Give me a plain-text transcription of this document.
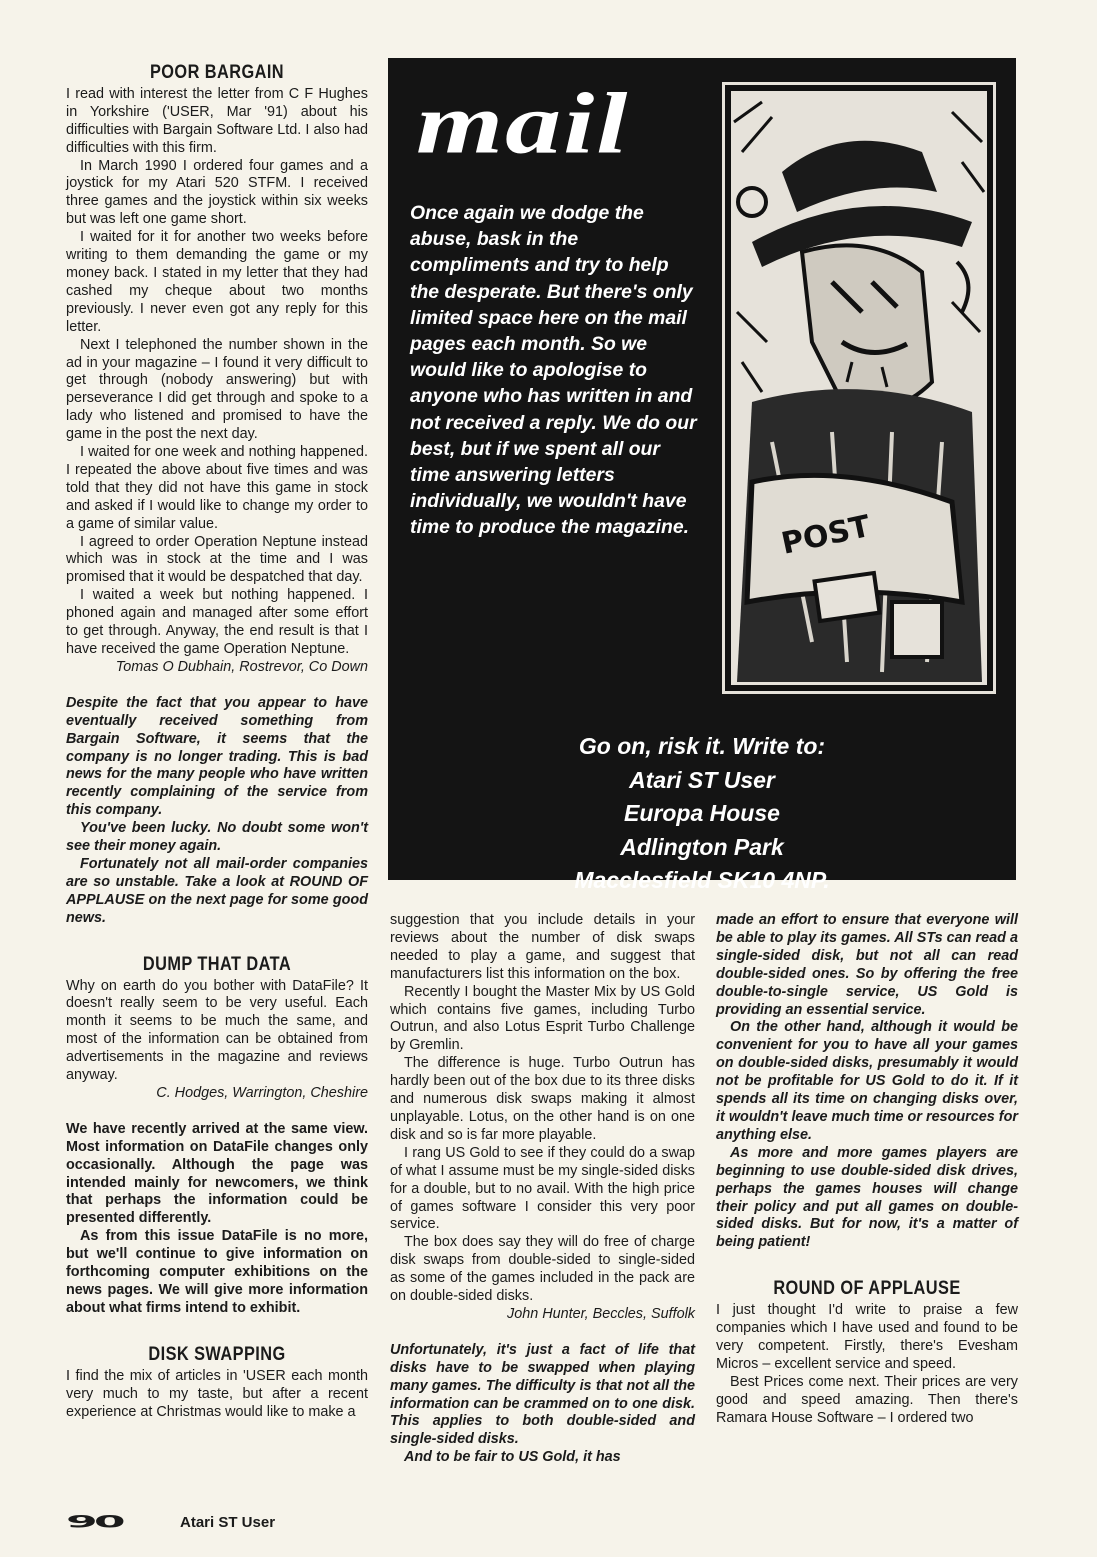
POOR BARGAIN

I read with interest the letter from C F Hughes in Yorkshire ('USER, Mar '91) about his difficulties with Bargain Software Ltd. I also had difficulties with this firm.

In March 1990 I ordered four games and a joystick for my Atari 520 STFM. I received three games and the joystick within six weeks but was left one game short.

I waited for it for another two weeks before writing to them demanding the game or my money back. I stated in my letter that they had cashed my cheque about two months previously. I never even got any reply for this letter.

Next I telephoned the number shown in the ad in your magazine – I found it very difficult to get through (nobody answering) but with perseverance I did get through and spoke to a lady who listened and promised to have the game in the post the next day.

I waited for one week and nothing happened. I repeated the above about five times and was told that they did not have this game in stock and asked if I would like to change my order to a game of similar value.

I agreed to order Operation Neptune instead which was in stock at the time and I was promised that it would be despatched that day.

I waited a week but nothing happened. I phoned again and managed after some effort to get through. Anyway, the end result is that I have received the game Operation Neptune.

Tomas O Dubhain, Rostrevor, Co Down

Despite the fact that you appear to have eventually received something from Bargain Software, it seems that the company is no longer trading. This is bad news for the many people who have written recently complaining of the service from this company.

You've been lucky. No doubt some won't see their money again.

Fortunately not all mail-order companies are so unstable. Take a look at ROUND OF APPLAUSE on the next page for some good news.

DUMP THAT DATA

Why on earth do you bother with DataFile? It doesn't really seem to be very useful. Each month it seems to be much the same, and most of the information can be obtained from advertisements in the magazine and reviews anyway.

C. Hodges, Warrington, Cheshire

We have recently arrived at the same view. Most information on DataFile changes only occasionally. Although the page was intended mainly for newcomers, we think that perhaps the information could be presented differently.

As from this issue DataFile is no more, but we'll continue to give information on forthcoming computer exhibitions on the news pages. We will give more information about what firms intend to exhibit.

DISK SWAPPING

I find the mix of articles in 'USER each month very much to my taste, but after a recent experience at Christmas would like to make a

mail
Once again we dodge the abuse, bask in the compliments and try to help the desperate. But there's only limited space here on the mail pages each month. So we would like to apologise to anyone who has written in and not received a reply. We do our best, but if we spent all our time answering letters individually, we wouldn't have time to produce the magazine.	POST
Go on, risk it. Write to:
Atari ST User
Europa House
Adlington Park
Macclesfield SK10 4NP.

suggestion that you include details in your reviews about the number of disk swaps needed to play a game, and suggest that manufacturers list this information on the box.

Recently I bought the Master Mix by US Gold which contains five games, including Turbo Outrun, and also Lotus Esprit Turbo Challenge by Gremlin.

The difference is huge. Turbo Outrun has hardly been out of the box due to its three disks and numerous disk swaps making it almost unplayable. Lotus, on the other hand is on one disk and so is far more playable.

I rang US Gold to see if they could do a swap of what I assume must be my single-sided disks for a double, but to no avail. With the high price of games software I consider this very poor service.

The box does say they will do free of charge disk swaps from double-sided to single-sided as some of the games included in the pack are on double-sided disks.

John Hunter, Beccles, Suffolk

Unfortunately, it's just a fact of life that disks have to be swapped when playing many games. The difficulty is that not all the information can be crammed on to one disk. This applies to both double-sided and single-sided disks.

And to be fair to US Gold, it has

made an effort to ensure that everyone will be able to play its games. All STs can read a single-sided disk, but not all can read double-sided ones. So by offering the free double-to-single service, US Gold is providing an essential service.

On the other hand, although it would be convenient for you to have all your games on double-sided disks, presumably it would not be profitable for US Gold to do it. If it spends all its time on changing disks over, it wouldn't leave much time or resources for anything else.

As more and more games players are beginning to use double-sided disk drives, perhaps the games houses will change their policy and put all games on double-sided disks. But for now, it's a matter of being patient!

ROUND OF APPLAUSE

I just thought I'd write to praise a few companies which I have used and found to be very competent. Firstly, there's Evesham Micros – excellent service and speed.

Best Prices come next. Their prices are very good and speed amazing. Then there's Ramara House Software – I ordered two

90	Atari ST User
